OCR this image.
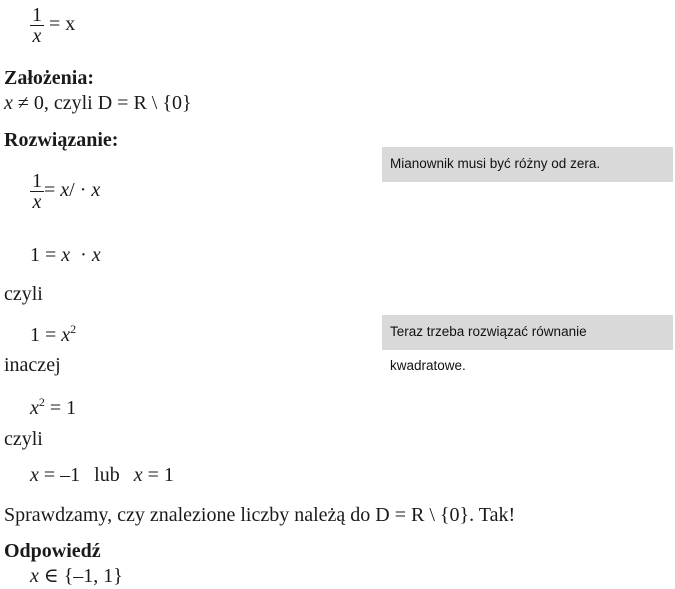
$\frac{1}{x} = x$
Założenia:
x ≠ 0, czyli D = R \ {0}
Rozwiązanie:
$\frac{1}{x} = x/ \cdot x$
1 = x  · x
czyli
$1 = x^2$
inaczej
$x^2 = 1$
czyli
x = –1 lub x = 1
Sprawdzamy, czy znalezione liczby należą do D = R \ {0}. Tak!
Odpowiedź
x ∈ {–1, 1}
Mianownik musi być różny od zera.
Teraz trzeba rozwiązać równanie kwadratowe.
